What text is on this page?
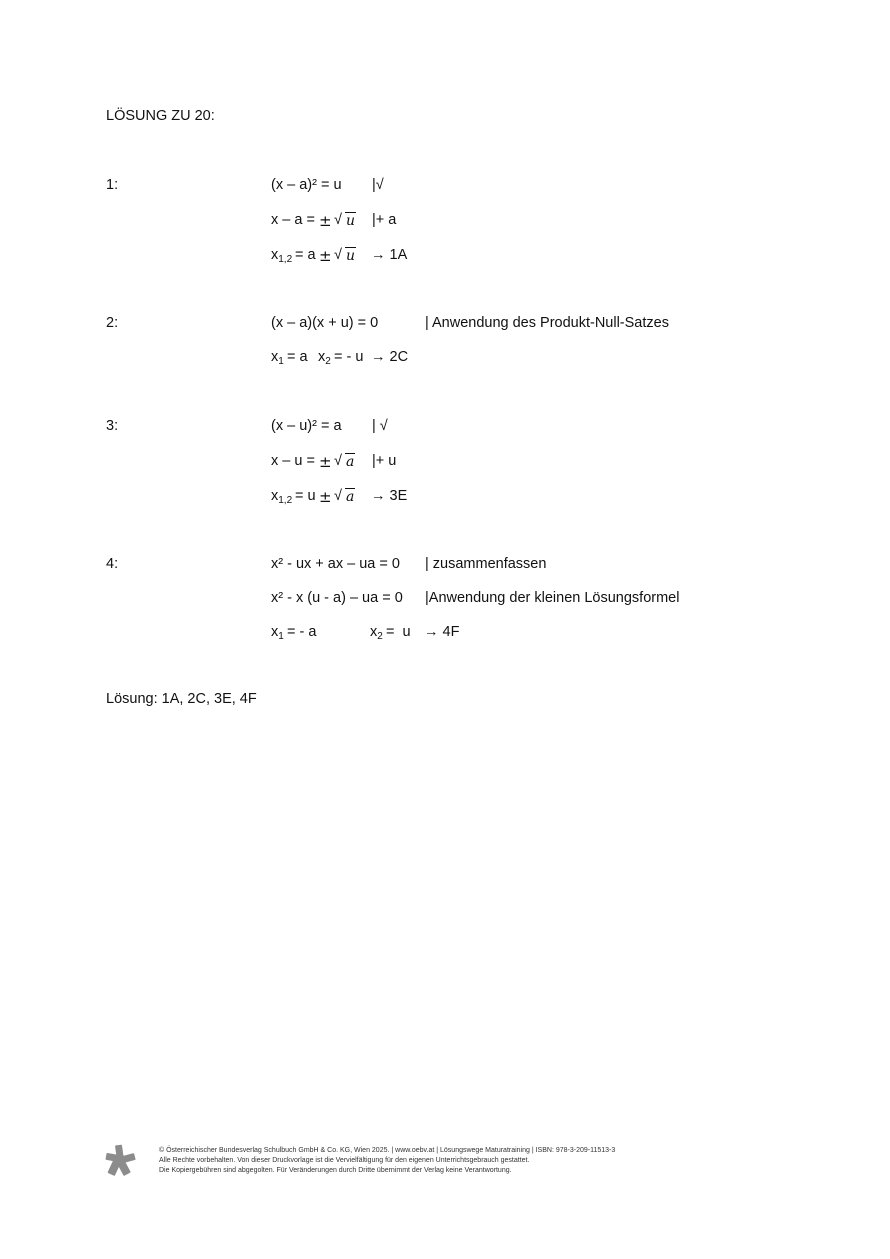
LÖSUNG ZU 20:
1:
2:
3:
4:
(x – a)² = u |√
x – a = ± √ u |+ a
$x_{1,2} = a$ ± √ u → 1A
(x – a)(x + u) = 0	| Anwendung des Produkt-Null-Satzes
$x_1 = a$ $x_2$ = - u → 2C
(x – u)² = a | √
x – u = ± √ a |+ u
$x_{1,2} = u$ ± √ a → 3E
x² - ux + ax – ua = 0 | zusammenfassen
x² - x (u - a) – ua = 0 |Anwendung der kleinen Lösungsformel
$x_1$ = - a	$x_2 = u \to 4F$
Lösung: 1A, 2C, 3E, 4F
© Österreichischer Bundesverlag Schulbuch GmbH & Co. KG, Wien 2025. | www.oebv.at | Lösungswege Maturatraining | ISBN: 978-3-209-11513-3
Alle Rechte vorbehalten. Von dieser Druckvorlage ist die Vervielfältigung für den eigenen Unterrichtsgebrauch gestattet.
Die Kopiergebühren sind abgegolten. Für Veränderungen durch Dritte übernimmt der Verlag keine Verantwortung.
